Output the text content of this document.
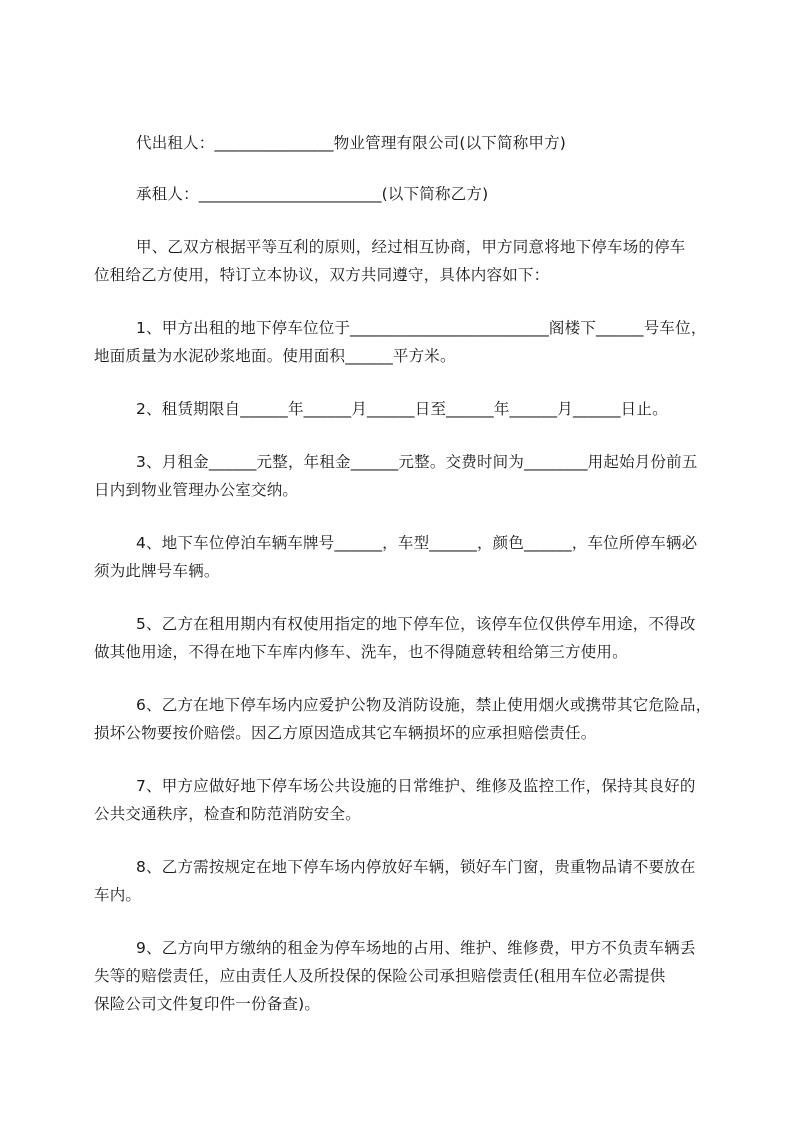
代出租人：_______________物业管理有限公司(以下简称甲方)
承租人：_______________________(以下简称乙方)
甲、乙双方根据平等互利的原则，经过相互协商，甲方同意将地下停车场的停车
位租给乙方使用，特订立本协议，双方共同遵守，具体内容如下：
1、甲方出租的地下停车位位于_________________________阁楼下______号车位，
地面质量为水泥砂浆地面。使用面积______平方米。
2、租赁期限自______年______月______日至______年______月______日止。
3、月租金______元整，年租金______元整。交费时间为________用起始月份前五
日内到物业管理办公室交纳。
4、地下车位停泊车辆车牌号______，车型______，颜色______，车位所停车辆必
须为此牌号车辆。
5、乙方在租用期内有权使用指定的地下停车位，该停车位仅供停车用途，不得改
做其他用途，不得在地下车库内修车、洗车，也不得随意转租给第三方使用。
6、乙方在地下停车场内应爱护公物及消防设施，禁止使用烟火或携带其它危险品，
损坏公物要按价赔偿。因乙方原因造成其它车辆损坏的应承担赔偿责任。
7、甲方应做好地下停车场公共设施的日常维护、维修及监控工作，保持其良好的
公共交通秩序，检查和防范消防安全。
8、乙方需按规定在地下停车场内停放好车辆，锁好车门窗，贵重物品请不要放在
车内。
9、乙方向甲方缴纳的租金为停车场地的占用、维护、维修费，甲方不负责车辆丢
失等的赔偿责任，应由责任人及所投保的保险公司承担赔偿责任(租用车位必需提供
保险公司文件复印件一份备查)。
